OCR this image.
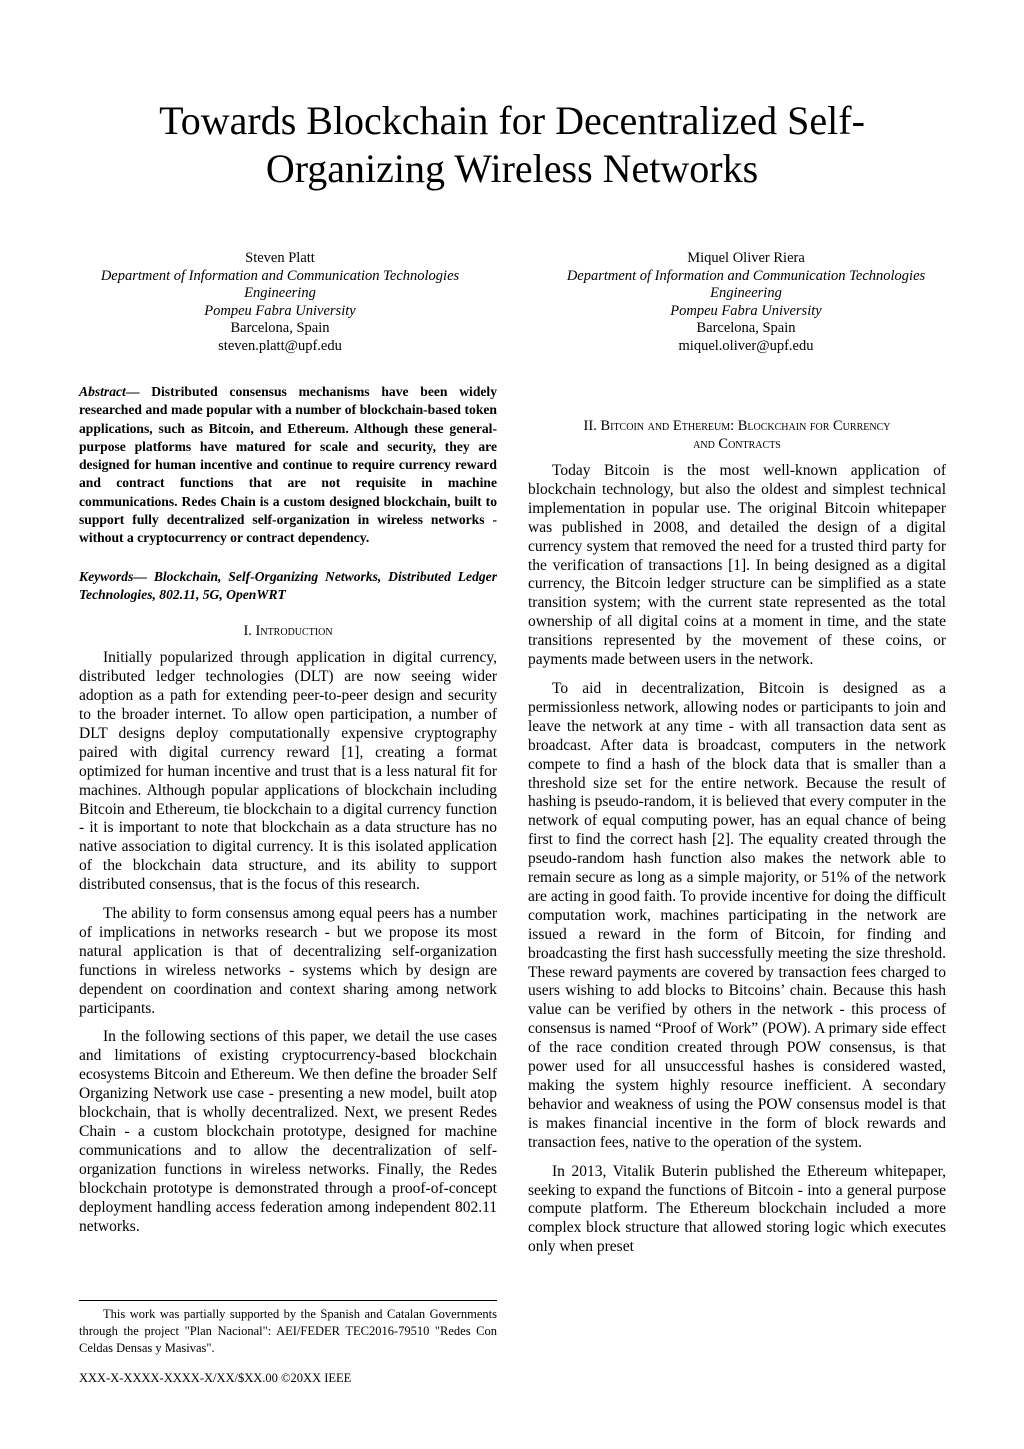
Towards Blockchain for Decentralized Self-
Organizing Wireless Networks
Steven Platt
Department of Information and Communication Technologies
Engineering
Pompeu Fabra University
Barcelona, Spain
steven.platt@upf.edu
Miquel Oliver Riera
Department of Information and Communication Technologies
Engineering
Pompeu Fabra University
Barcelona, Spain
miquel.oliver@upf.edu

Abstract— Distributed consensus mechanisms have been widely researched and made popular with a number of blockchain-based token applications, such as Bitcoin, and Ethereum. Although these general-purpose platforms have matured for scale and security, they are designed for human incentive and continue to require currency reward and contract functions that are not requisite in machine communications. Redes Chain is a custom designed blockchain, built to support fully decentralized self-organization in wireless networks - without a cryptocurrency or contract dependency.

Keywords— Blockchain, Self-Organizing Networks, Distributed Ledger Technologies, 802.11, 5G, OpenWRT

I. Introduction

Initially popularized through application in digital currency, distributed ledger technologies (DLT) are now seeing wider adoption as a path for extending peer-to-peer design and security to the broader internet. To allow open participation, a number of DLT designs deploy computationally expensive cryptography paired with digital currency reward [1], creating a format optimized for human incentive and trust that is a less natural fit for machines. Although popular applications of blockchain including Bitcoin and Ethereum, tie blockchain to a digital currency function - it is important to note that blockchain as a data structure has no native association to digital currency. It is this isolated application of the blockchain data structure, and its ability to support distributed consensus, that is the focus of this research.

The ability to form consensus among equal peers has a number of implications in networks research - but we propose its most natural application is that of decentralizing self-organization functions in wireless networks - systems which by design are dependent on coordination and context sharing among network participants.

In the following sections of this paper, we detail the use cases and limitations of existing cryptocurrency-based blockchain ecosystems Bitcoin and Ethereum. We then define the broader Self Organizing Network use case - presenting a new model, built atop blockchain, that is wholly decentralized. Next, we present Redes Chain - a custom blockchain prototype, designed for machine communications and to allow the decentralization of self-organization functions in wireless networks. Finally, the Redes blockchain prototype is demonstrated through a proof-of-concept deployment handling access federation among independent 802.11 networks.

II. Bitcoin and Ethereum: Blockchain for Currency
and Contracts

Today Bitcoin is the most well-known application of blockchain technology, but also the oldest and simplest technical implementation in popular use. The original Bitcoin whitepaper was published in 2008, and detailed the design of a digital currency system that removed the need for a trusted third party for the verification of transactions [1]. In being designed as a digital currency, the Bitcoin ledger structure can be simplified as a state transition system; with the current state represented as the total ownership of all digital coins at a moment in time, and the state transitions represented by the movement of these coins, or payments made between users in the network.

To aid in decentralization, Bitcoin is designed as a permissionless network, allowing nodes or participants to join and leave the network at any time - with all transaction data sent as broadcast. After data is broadcast, computers in the network compete to find a hash of the block data that is smaller than a threshold size set for the entire network. Because the result of hashing is pseudo-random, it is believed that every computer in the network of equal computing power, has an equal chance of being first to find the correct hash [2]. The equality created through the pseudo-random hash function also makes the network able to remain secure as long as a simple majority, or 51% of the network are acting in good faith. To provide incentive for doing the difficult computation work, machines participating in the network are issued a reward in the form of Bitcoin, for finding and broadcasting the first hash successfully meeting the size threshold. These reward payments are covered by transaction fees charged to users wishing to add blocks to Bitcoins’ chain. Because this hash value can be verified by others in the network - this process of consensus is named “Proof of Work” (POW). A primary side effect of the race condition created through POW consensus, is that power used for all unsuccessful hashes is considered wasted, making the system highly resource inefficient. A secondary behavior and weakness of using the POW consensus model is that is makes financial incentive in the form of block rewards and transaction fees, native to the operation of the system.

In 2013, Vitalik Buterin published the Ethereum whitepaper, seeking to expand the functions of Bitcoin - into a general purpose compute platform. The Ethereum blockchain included a more complex block structure that allowed storing logic which executes only when preset

This work was partially supported by the Spanish and Catalan Governments through the project "Plan Nacional": AEI/FEDER TEC2016-79510 "Redes Con Celdas Densas y Masivas".
XXX-X-XXXX-XXXX-X/XX/$XX.00 ©20XX IEEE
